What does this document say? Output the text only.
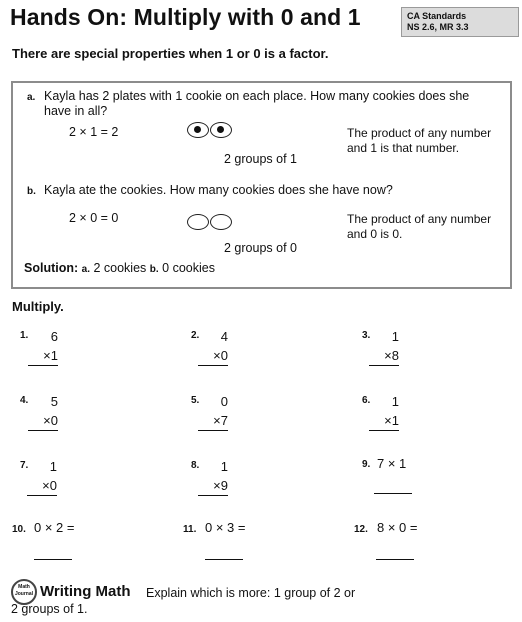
Hands On: Multiply with 0 and 1	CA Standards
NS 2.6, MR 3.3
There are special properties when 1 or 0 is a factor.
a. Kayla has 2 plates with 1 cookie on each place. How many cookies does she
have in all?
2 × 1 = 2
2 groups of 1
The product of any number
and 1 is that number.
b. Kayla ate the cookies. How many cookies does she have now?
2 × 0 = 0
2 groups of 0
The product of any number
and 0 is 0.
Solution: a. 2 cookies b. 0 cookies
Multiply.
1.	6
×1
2.	4
×0
3.	1
×8
4.	5
×0
5.	0
×7
6.	1
×1
7.	1
×0
8.	1
×9
9. 7 × 1
10. 0 × 2 =	11. 0 × 3 =	12. 8 × 0 =
Math Journal Writing Math Explain which is more: 1 group of 2 or
2 groups of 1.
